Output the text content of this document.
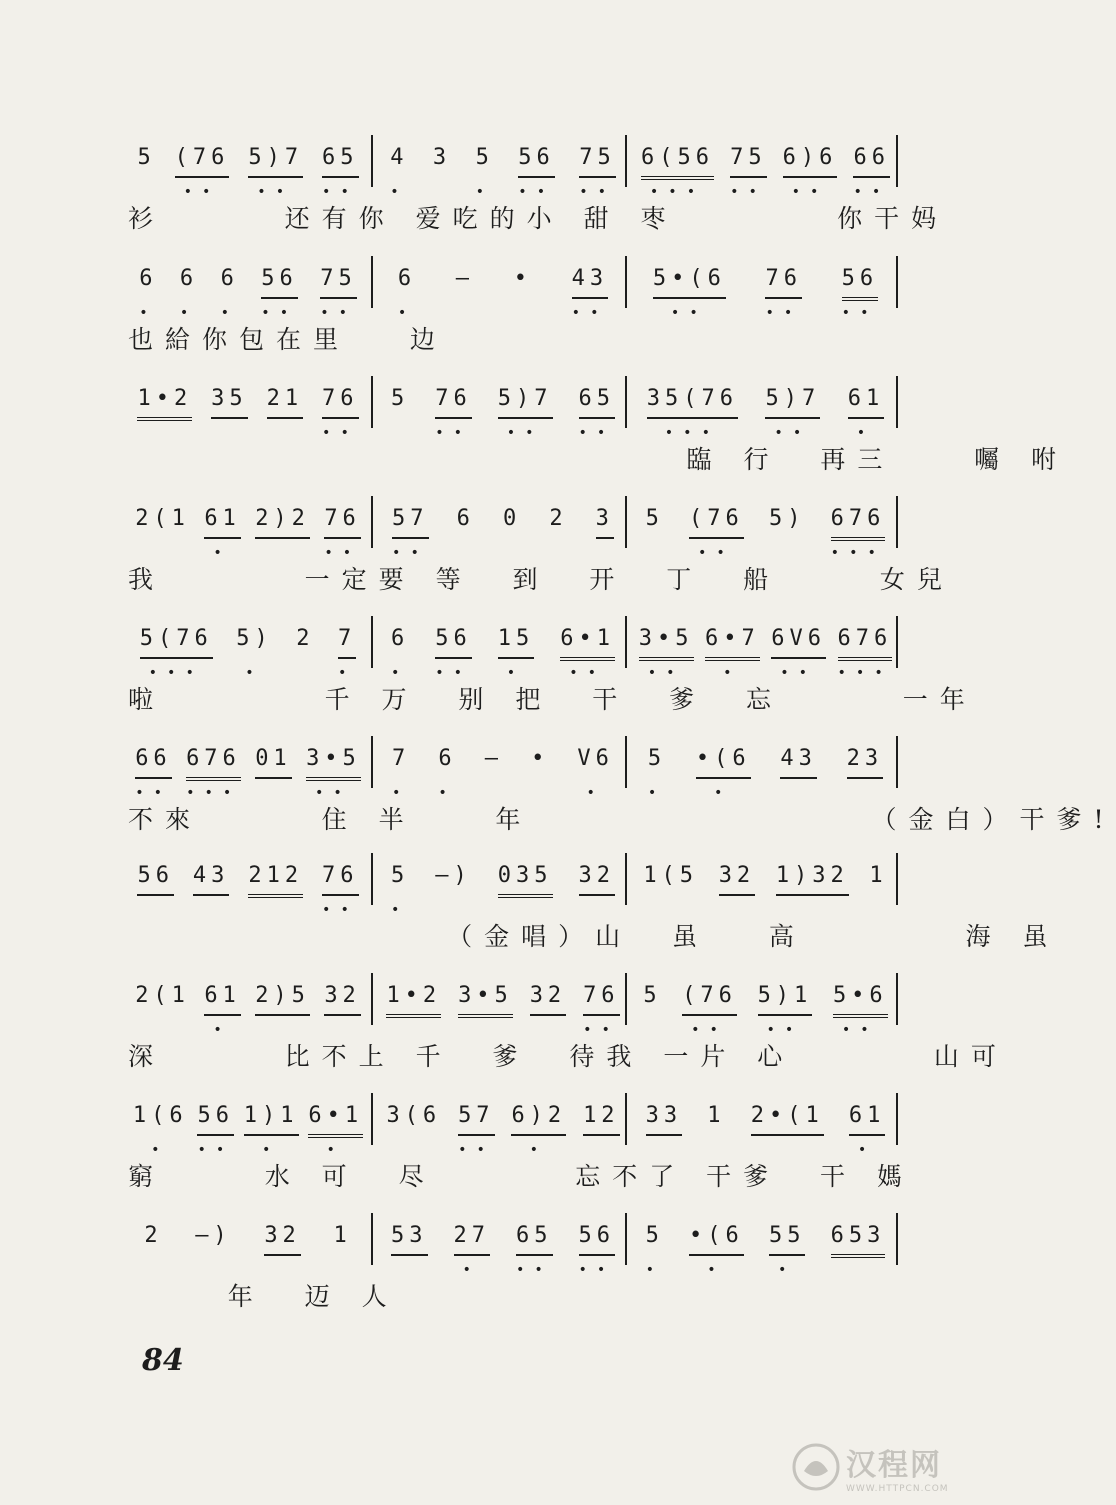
5 (76
••
5)7
••
65
••
4
•
3 5
•
56
••
75
••
6(56
•••
75
••
6)6
••
66
••
衫      还有你 爱吃的小 甜 枣        你干妈
6
•
6
•
6
•
56
••
75
••
6
•
— • 43
••
5•(6
••
76
••
56
••
也給你包在里   边
1•2 35 21 76
••
5 76
••
5)7
••
65
••
35(76
•••
5)7
••
61
•
臨 行  再三    囑 咐
2(1 61
•
2)2 76
••
57
••
6 0 2 3 5 (76
••
5) 676
•••
我       一定要 等  到  开  丁  船     女兒
5(76
•••
5)
•
2 7
•
6
•
56
••
15
•
6•1
••
3•5
••
6•7
•
6V6
••
676
•••
啦        千 万  别 把  干  爹  忘      一年
66
••
676
•••
01 3•5
••
7
•
6
•
— • V6
•
5
•
•(6
•
43 23
不來      住 半    年                 （金白）干爹!
56 43 212 76
••
5
•
—) 035 32 1(5 32 1)32 1
（金唱）山  虽   高        海 虽
2(1 61
•
2)5 32 1•2 3•5 32 76
••
5 (76
••
5)1
••
5•6
••
深      比不上 千  爹  待我 一片 心       山可
1(6
•
56
••
1)1
•
6•1
•
3(6 57
••
6)2
•
12 33 1 2•(1 61
•
窮     水 可  尽       忘不了 干爹  干 媽
2 —) 32 1 53 27
•
65
••
56
••
5
•
•(6
•
55
•
653
年  迈 人
84
汉程网
WWW.HTTPCN.COM
